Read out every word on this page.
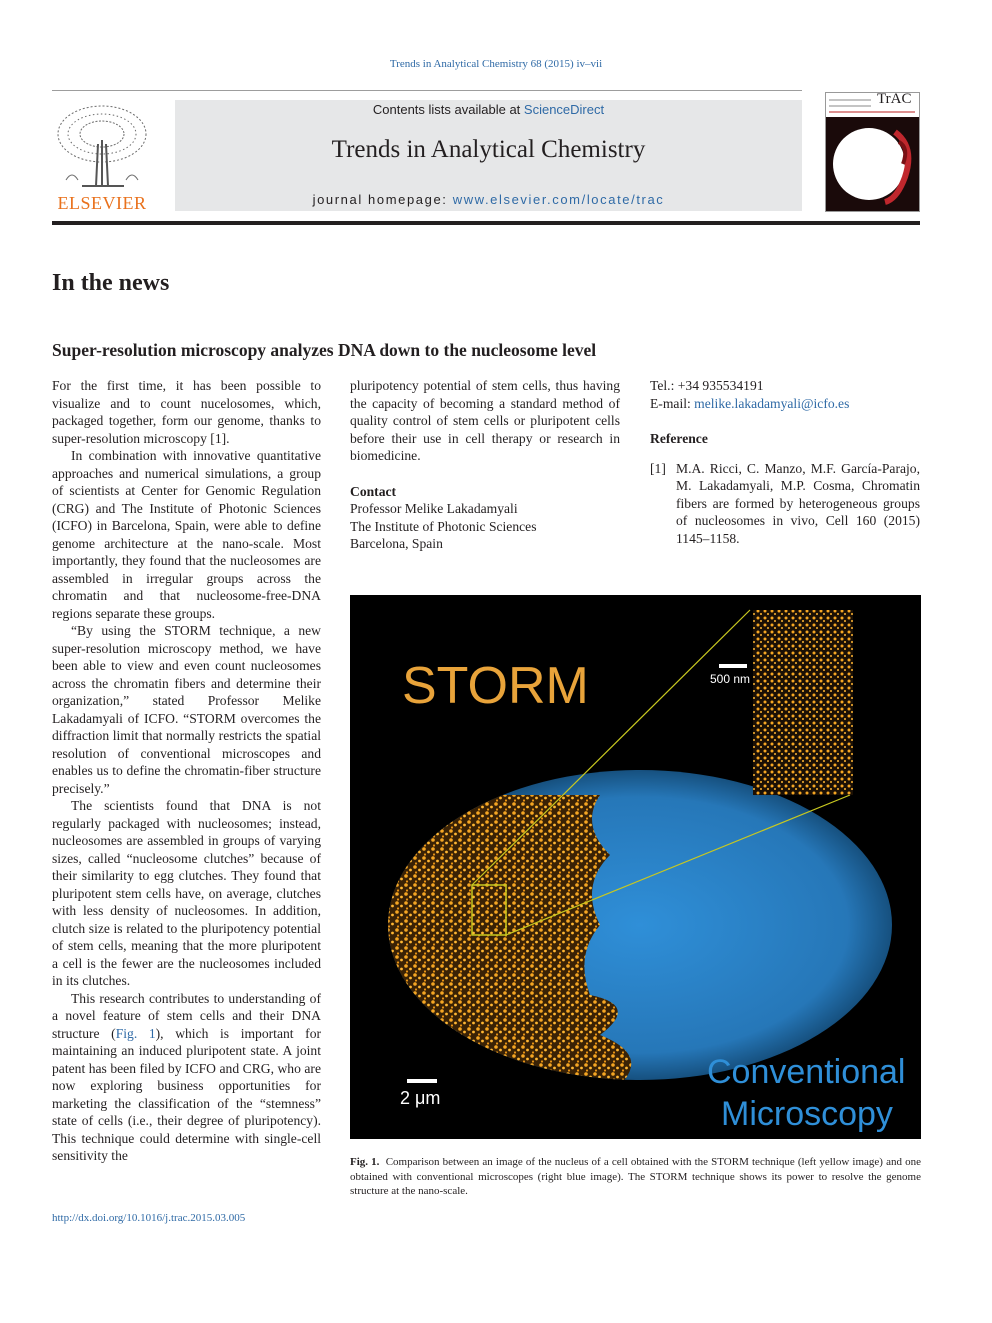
Trends in Analytical Chemistry 68 (2015) iv–vii
ELSEVIER
Contents lists available at ScienceDirect
Trends in Analytical Chemistry
journal homepage: www.elsevier.com/locate/trac
TrAC
In the news
Super-resolution microscopy analyzes DNA down to the nucleosome level

For the first time, it has been possible to visualize and to count nucelosomes, which, packaged together, form our genome, thanks to super-resolution microscopy [1].

In combination with innovative quantitative approaches and numerical simulations, a group of scientists at Center for Genomic Regulation (CRG) and The Institute of Photonic Sciences (ICFO) in Barcelona, Spain, were able to define genome architecture at the nano-scale. Most importantly, they found that the nucleosomes are assembled in irregular groups across the chromatin and that nucleosome-free-DNA regions separate these groups.

“By using the STORM technique, a new super-resolution microscopy method, we have been able to view and even count nucleosomes across the chromatin fibers and determine their organization,” stated Professor Melike Lakadamyali of ICFO. “STORM overcomes the diffraction limit that normally restricts the spatial resolution of conventional microscopes and enables us to define the chromatin-fiber structure precisely.”

The scientists found that DNA is not regularly packaged with nucleosomes; instead, nucleosomes are assembled in groups of varying sizes, called “nucleosome clutches” because of their similarity to egg clutches. They found that pluripotent stem cells have, on average, clutches with less density of nucleosomes. In addition, clutch size is related to the pluripotency potential of stem cells, meaning that the more pluripotent a cell is the fewer are the nucleosomes included in its clutches.

This research contributes to understanding of a novel feature of stem cells and their DNA structure (Fig. 1), which is important for maintaining an induced pluripotent state. A joint patent has been filed by ICFO and CRG, who are now exploring business opportunities for marketing the classification of the “stemness” state of cells (i.e., their degree of pluripotency). This technique could determine with single-cell sensitivity the

pluripotency potential of stem cells, thus having the capacity of becoming a standard method of quality control of stem cells or pluripotent cells before their use in cell therapy or research in biomedicine.

Contact
Professor Melike Lakadamyali
The Institute of Photonic Sciences
Barcelona, Spain
Tel.: +34 935534191
E-mail: melike.lakadamyali@icfo.es
Reference
[1] M.A. Ricci, C. Manzo, M.F. García-Parajo, M. Lakadamyali, M.P. Cosma, Chromatin fibers are formed by heterogeneous groups of nucleosomes in vivo, Cell 160 (2015) 1145–1158.
500 nm
2 μm
STORM
Conventional
Microscopy
Fig. 1. Comparison between an image of the nucleus of a cell obtained with the STORM technique (left yellow image) and one obtained with conventional microscopes (right blue image). The STORM technique shows its power to resolve the genome structure at the nano-scale.
http://dx.doi.org/10.1016/j.trac.2015.03.005
